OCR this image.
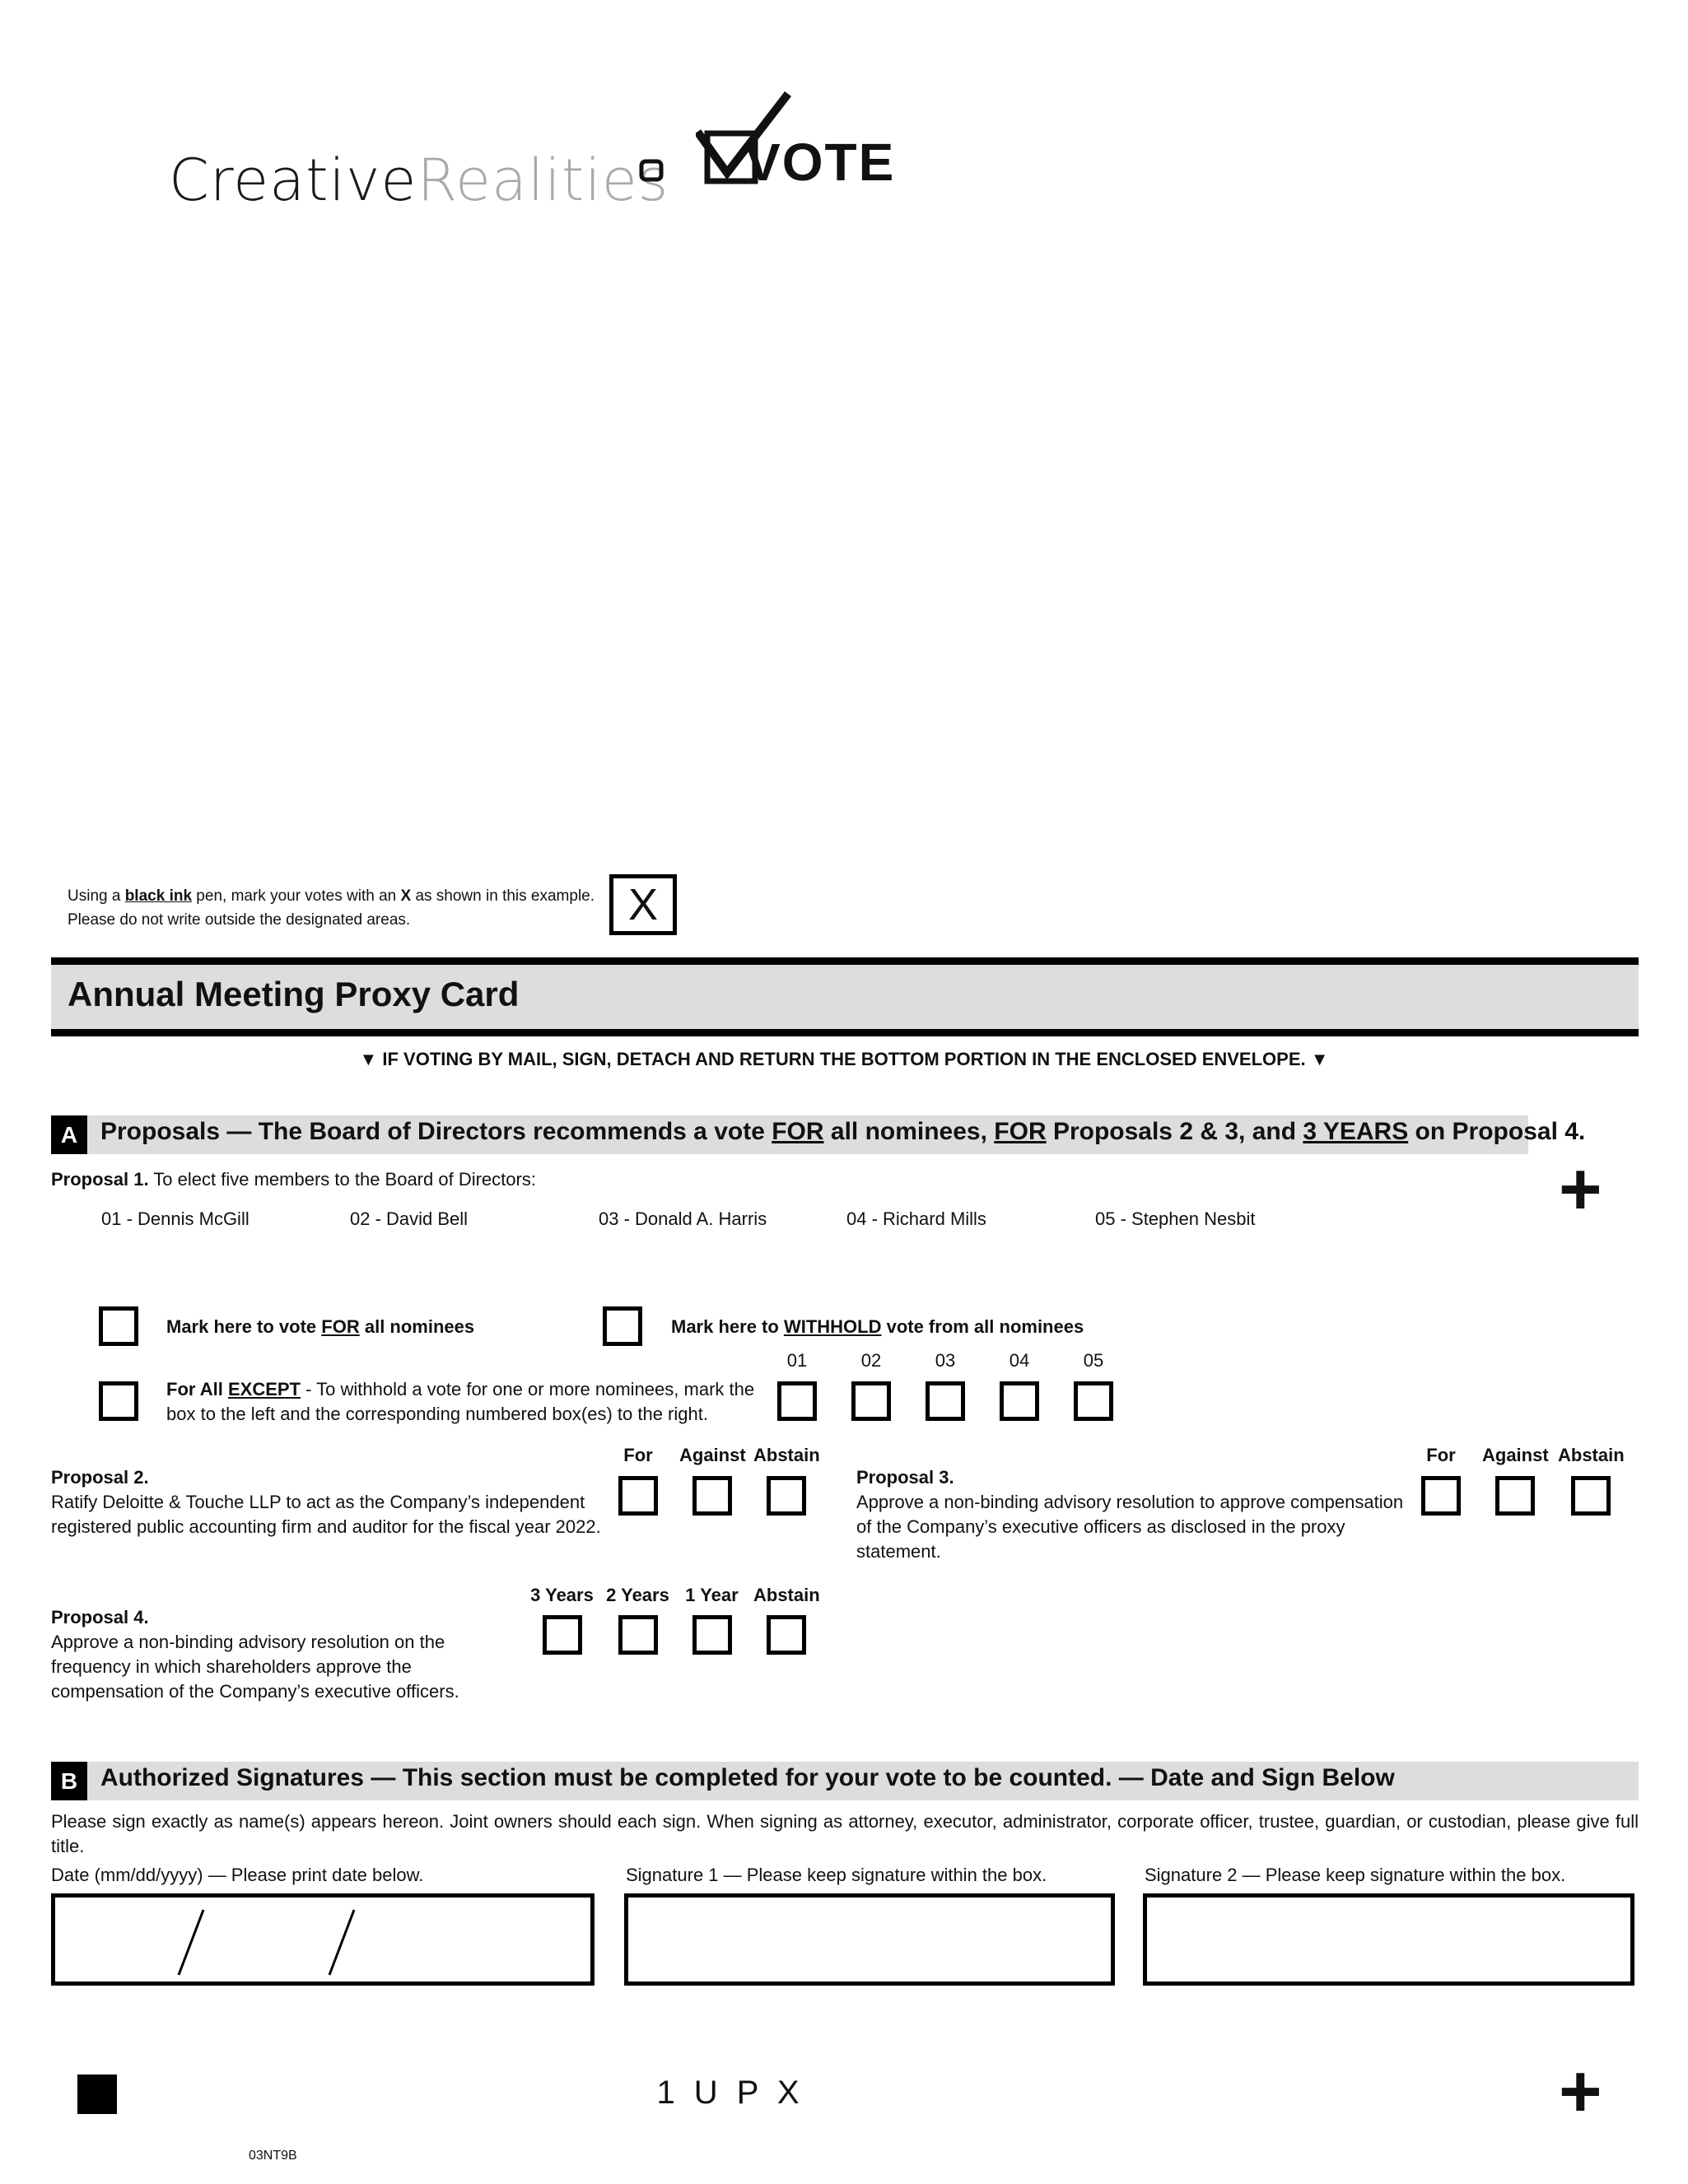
CreativeRealities VOTE
Using a black ink pen, mark your votes with an X as shown in this example.
Please do not write outside the designated areas.	X
Annual Meeting Proxy Card
▼ IF VOTING BY MAIL, SIGN, DETACH AND RETURN THE BOTTOM PORTION IN THE ENCLOSED ENVELOPE. ▼
A Proposals — The Board of Directors recommends a vote FOR all nominees, FOR Proposals 2 & 3, and 3 YEARS on Proposal 4.
+
Proposal 1. To elect five members to the Board of Directors:
01 - Dennis McGill	02 - David Bell	03 - Donald A. Harris	04 - Richard Mills	05 - Stephen Nesbit
Mark here to vote FOR all nominees	Mark here to WITHHOLD vote from all nominees
01	02	03	04	05
For All EXCEPT - To withhold a vote for one or more nominees, mark the
box to the left and the corresponding numbered box(es) to the right.
Proposal 2.
Ratify Deloitte & Touche LLP to act as the Company’s independent
registered public accounting firm and auditor for the fiscal year 2022.
For	Against Abstain
Proposal 3.
Approve a non-binding advisory resolution to approve compensation
of the Company’s executive officers as disclosed in the proxy
statement.
For	Against Abstain
Proposal 4.
Approve a non-binding advisory resolution on the
frequency in which shareholders approve the
compensation of the Company’s executive officers.
3 Years 2 Years 1 Year Abstain
B Authorized Signatures — This section must be completed for your vote to be counted. — Date and Sign Below
Please sign exactly as name(s) appears hereon. Joint owners should each sign. When signing as attorney, executor, administrator, corporate officer, trustee, guardian, or custodian, please give full title.
Date (mm/dd/yyyy) — Please print date below.	Signature 1 — Please keep signature within the box.	Signature 2 — Please keep signature within the box.
1 U P X	+
03NT9B
